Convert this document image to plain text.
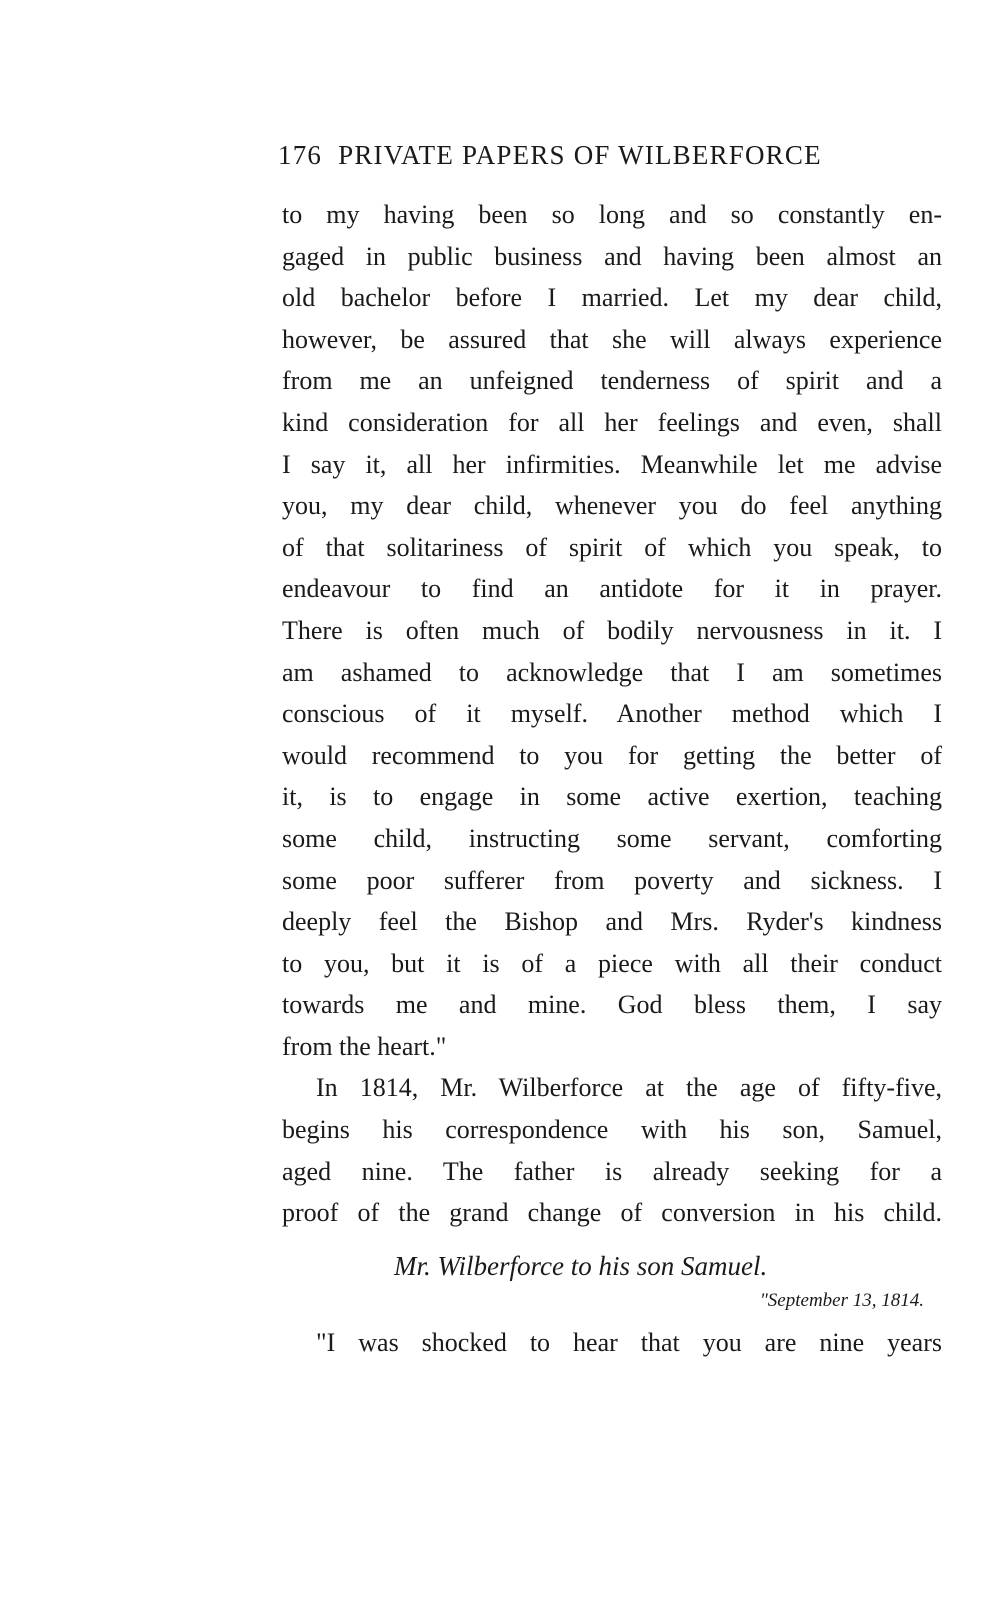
176 PRIVATE PAPERS OF WILBERFORCE
to my having been so long and so constantly en-
gaged in public business and having been almost an
old bachelor before I married. Let my dear child,
however, be assured that she will always experience
from me an unfeigned tenderness of spirit and a
kind consideration for all her feelings and even, shall
I say it, all her infirmities. Meanwhile let me advise
you, my dear child, whenever you do feel anything
of that solitariness of spirit of which you speak, to
endeavour to find an antidote for it in prayer.
There is often much of bodily nervousness in it. I
am ashamed to acknowledge that I am sometimes
conscious of it myself. Another method which I
would recommend to you for getting the better of
it, is to engage in some active exertion, teaching
some child, instructing some servant, comforting
some poor sufferer from poverty and sickness. I
deeply feel the Bishop and Mrs. Ryder's kindness
to you, but it is of a piece with all their conduct
towards me and mine. God bless them, I say
from the heart."
In 1814, Mr. Wilberforce at the age of fifty-five,
begins his correspondence with his son, Samuel,
aged nine. The father is already seeking for a
proof of the grand change of conversion in his child.
Mr. Wilberforce to his son Samuel.
"September 13, 1814.
"I was shocked to hear that you are nine years
